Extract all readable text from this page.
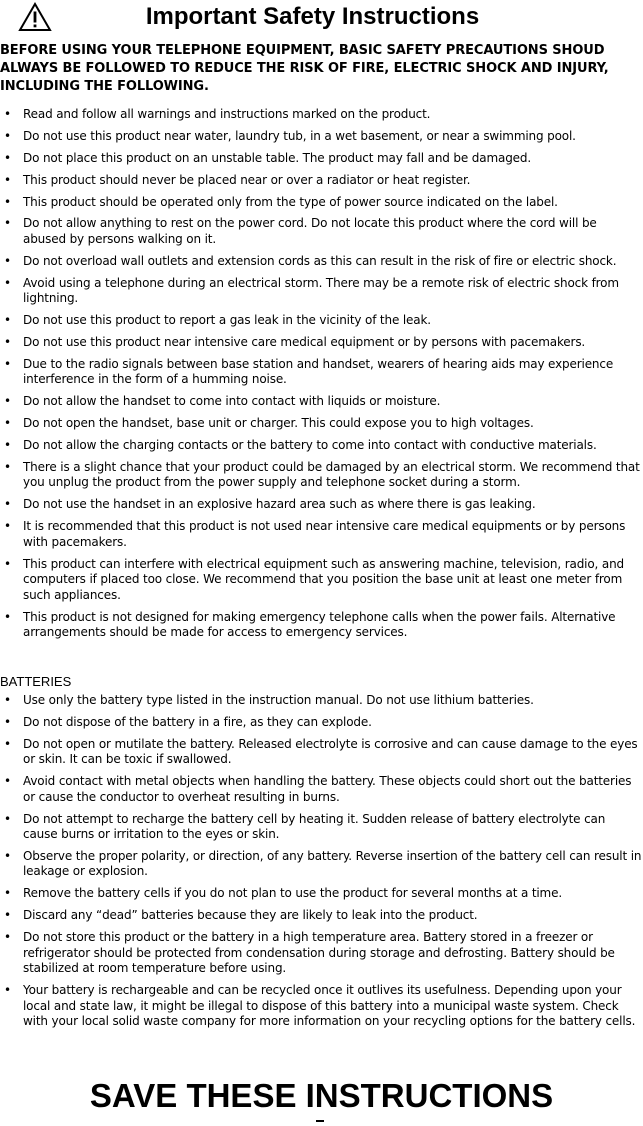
Important Safety Instructions
BEFORE USING YOUR TELEPHONE EQUIPMENT, BASIC SAFETY PRECAUTIONS SHOUD ALWAYS BE FOLLOWED TO REDUCE THE RISK OF FIRE, ELECTRIC SHOCK AND INJURY, INCLUDING THE FOLLOWING.
• Read and follow all warnings and instructions marked on the product.
• Do not use this product near water, laundry tub, in a wet basement, or near a swimming pool.
• Do not place this product on an unstable table. The product may fall and be damaged.
• This product should never be placed near or over a radiator or heat register.
• This product should be operated only from the type of power source indicated on the label.
• Do not allow anything to rest on the power cord. Do not locate this product where the cord will be abused by persons walking on it.
• Do not overload wall outlets and extension cords as this can result in the risk of fire or electric shock.
• Avoid using a telephone during an electrical storm. There may be a remote risk of electric shock from lightning.
• Do not use this product to report a gas leak in the vicinity of the leak.
• Do not use this product near intensive care medical equipment or by persons with pacemakers.
• Due to the radio signals between base station and handset, wearers of hearing aids may experience interference in the form of a humming noise.
• Do not allow the handset to come into contact with liquids or moisture.
• Do not open the handset, base unit or charger. This could expose you to high voltages.
• Do not allow the charging contacts or the battery to come into contact with conductive materials.
• There is a slight chance that your product could be damaged by an electrical storm. We recommend that you unplug the product from the power supply and telephone socket during a storm.
• Do not use the handset in an explosive hazard area such as where there is gas leaking.
• It is recommended that this product is not used near intensive care medical equipments or by persons with pacemakers.
• This product can interfere with electrical equipment such as answering machine, television, radio, and computers if placed too close. We recommend that you position the base unit at least one meter from such appliances.
• This product is not designed for making emergency telephone calls when the power fails. Alternative arrangements should be made for access to emergency services.
BATTERIES
• Use only the battery type listed in the instruction manual. Do not use lithium batteries.
• Do not dispose of the battery in a fire, as they can explode.
• Do not open or mutilate the battery. Released electrolyte is corrosive and can cause damage to the eyes or skin. It can be toxic if swallowed.
• Avoid contact with metal objects when handling the battery. These objects could short out the batteries or cause the conductor to overheat resulting in burns.
• Do not attempt to recharge the battery cell by heating it. Sudden release of battery electrolyte can cause burns or irritation to the eyes or skin.
• Observe the proper polarity, or direction, of any battery. Reverse insertion of the battery cell can result in leakage or explosion.
• Remove the battery cells if you do not plan to use the product for several months at a time.
• Discard any “dead” batteries because they are likely to leak into the product.
• Do not store this product or the battery in a high temperature area. Battery stored in a freezer or refrigerator should be protected from condensation during storage and defrosting. Battery should be stabilized at room temperature before using.
• Your battery is rechargeable and can be recycled once it outlives its usefulness. Depending upon your local and state law, it might be illegal to dispose of this battery into a municipal waste system. Check with your local solid waste company for more information on your recycling options for the battery cells.
SAVE THESE INSTRUCTIONS
